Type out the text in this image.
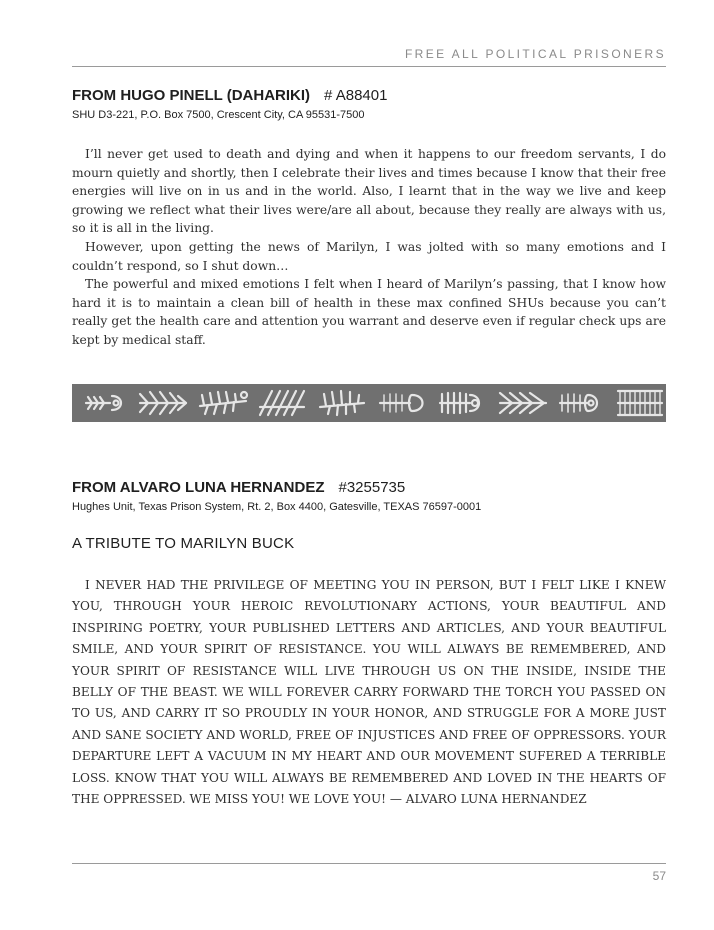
FREE ALL POLITICAL PRISONERS
FROM HUGO PINELL (DAHARIKI) # A88401
SHU D3-221, P.O. Box 7500, Crescent City, CA 95531-7500

I’ll never get used to death and dying and when it happens to our freedom servants, I do mourn quietly and shortly, then I celebrate their lives and times because I know that their free energies will live on in us and in the world. Also, I learnt that in the way we live and keep growing we reflect what their lives were/are all about, because they really are always with us, so it is all in the living.

However, upon getting the news of Marilyn, I was jolted with so many emotions and I couldn’t respond, so I shut down…

The powerful and mixed emotions I felt when I heard of Marilyn’s passing, that I know how hard it is to maintain a clean bill of health in these max confined SHUs because you can’t really get the health care and attention you warrant and deserve even if regular check ups are kept by medical staff.

FROM ALVARO LUNA HERNANDEZ #3255735
Hughes Unit, Texas Prison System, Rt. 2, Box 4400, Gatesville, TEXAS 76597-0001
A TRIBUTE TO MARILYN BUCK

I NEVER HAD THE PRIVILEGE OF MEETING YOU IN PERSON, BUT I FELT LIKE I KNEW YOU, THROUGH YOUR HEROIC REVOLUTIONARY ACTIONS, YOUR BEAUTIFUL AND INSPIRING POETRY, YOUR PUBLISHED LETTERS AND ARTICLES, AND YOUR BEAUTIFUL SMILE, AND YOUR SPIRIT OF RESISTANCE. YOU WILL ALWAYS BE REMEMBERED, AND YOUR SPIRIT OF RESISTANCE WILL LIVE THROUGH US ON THE INSIDE, INSIDE THE BELLY OF THE BEAST. WE WILL FOREVER CARRY FORWARD THE TORCH YOU PASSED ON TO US, AND CARRY IT SO PROUDLY IN YOUR HONOR, AND STRUGGLE FOR A MORE JUST AND SANE SOCIETY AND WORLD, FREE OF INJUSTICES AND FREE OF OPPRESSORS. YOUR DEPARTURE LEFT A VACUUM IN MY HEART AND OUR MOVEMENT SUFERED A TERRIBLE LOSS. KNOW THAT YOU WILL ALWAYS BE REMEMBERED AND LOVED IN THE HEARTS OF THE OPPRESSED. WE MISS YOU! WE LOVE YOU! — ALVARO LUNA HERNANDEZ

57
